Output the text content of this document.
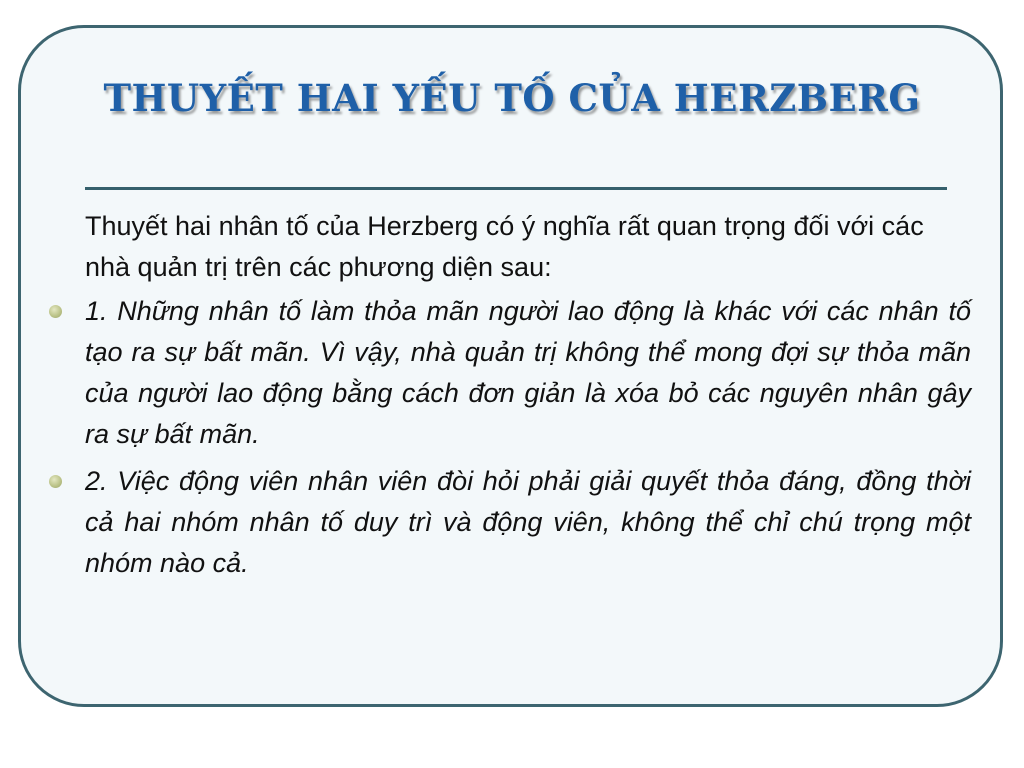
THUYẾT HAI YẾU TỐ CỦA HERZBERG

Thuyết hai nhân tố của Herzberg có ý nghĩa rất quan trọng đối với các nhà quản trị trên các phương diện sau:

1. Những nhân tố làm thỏa mãn người lao động là khác với các nhân tố tạo ra sự bất mãn. Vì vậy, nhà quản trị không thể mong đợi sự thỏa mãn của người lao động bằng cách đơn giản là xóa bỏ các nguyên nhân gây ra sự bất mãn.
2. Việc động viên nhân viên đòi hỏi phải giải quyết thỏa đáng, đồng thời cả hai nhóm nhân tố duy trì và động viên, không thể chỉ chú trọng một nhóm nào cả.
